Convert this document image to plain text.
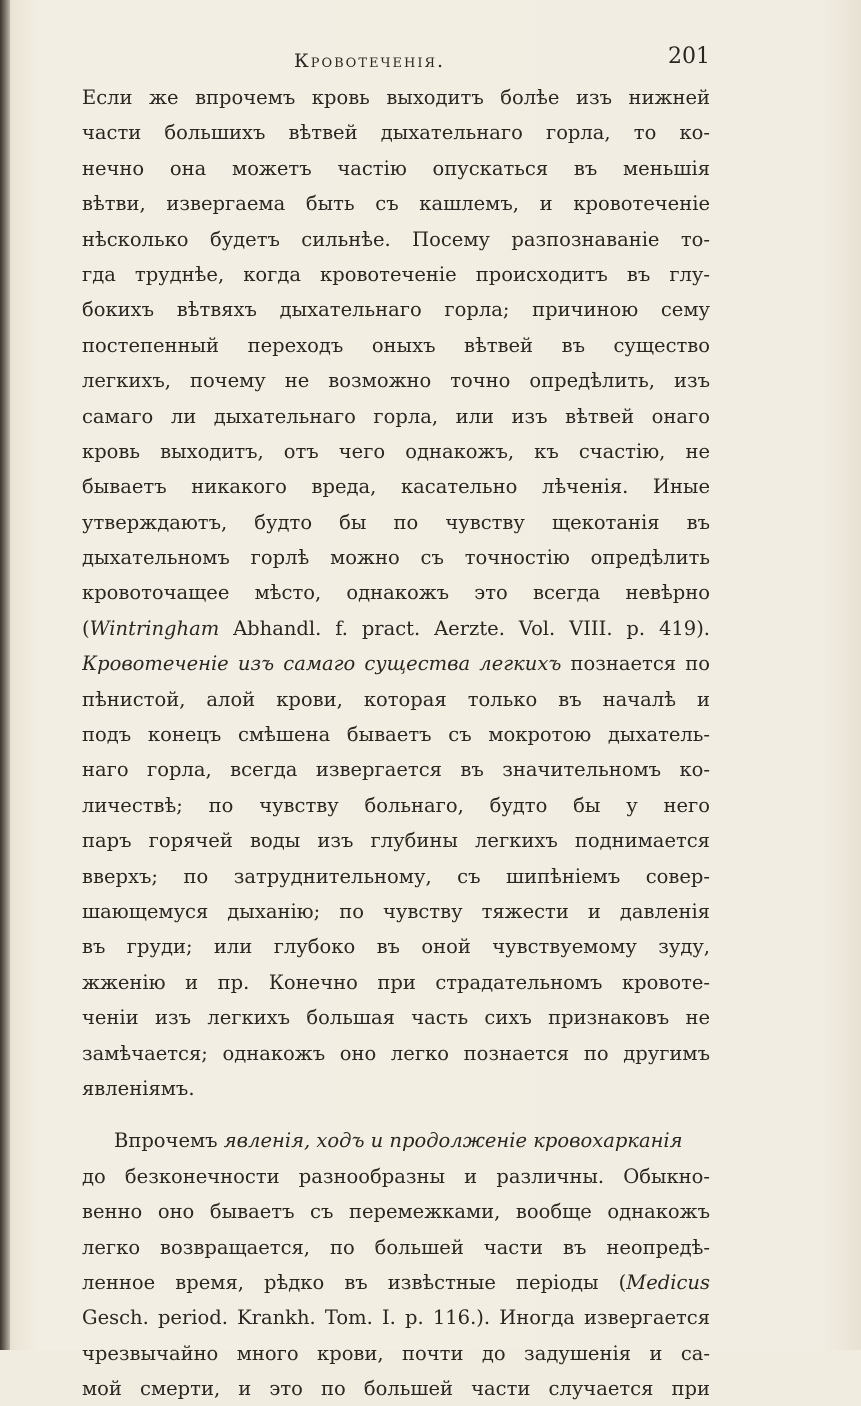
Кровотеченія.	201
Если же впрочемъ кровь выходитъ болѣе изъ нижней
части большихъ вѣтвей дыхательнаго горла, то ко-
нечно она можетъ частію опускаться въ меньшія
вѣтви, извергаема быть съ кашлемъ, и кровотеченіе
нѣсколько будетъ сильнѣе. Посему разпознаваніе то-
гда труднѣе, когда кровотеченіе происходитъ въ глу-
бокихъ вѣтвяхъ дыхательнаго горла; причиною сему
постепенный переходъ оныхъ вѣтвей въ существо
легкихъ, почему не возможно точно опредѣлить, изъ
самаго ли дыхательнаго горла, или изъ вѣтвей онаго
кровь выходитъ, отъ чего однакожъ, къ счастію, не
бываетъ никакого вреда, касательно лѣченія. Иные
утверждаютъ, будто бы по чувству щекотанія въ
дыхательномъ горлѣ можно съ точностію опредѣлить
кровоточащее мѣсто, однакожъ это всегда невѣрно
(Wintringham Abhandl. f. pract. Aerzte. Vol. VIII. p. 419).
Кровотеченіе изъ самаго существа легкихъ познается по
пѣнистой, алой крови, которая только въ началѣ и
подъ конецъ смѣшена бываетъ съ мокротою дыхатель-
наго горла, всегда извергается въ значительномъ ко-
личествѣ; по чувству больнаго, будто бы у него
паръ горячей воды изъ глубины легкихъ поднимается
вверхъ; по затруднительному, съ шипѣніемъ совер-
шающемуся дыханію; по чувству тяжести и давленія
въ груди; или глубоко въ оной чувствуемому зуду,
жженію и пр. Конечно при страдательномъ кровоте-
ченіи изъ легкихъ большая часть сихъ признаковъ не
замѣчается; однакожъ оно легко познается по другимъ
явленіямъ.
Впрочемъ явленія, ходъ и продолженіе кровохарканія
до безконечности разнообразны и различны. Обыкно-
венно оно бываетъ съ перемежками, вообще однакожъ
легко возвращается, по большей части въ неопредѣ-
ленное время, рѣдко въ извѣстные періоды (Medicus
Gesch. period. Krankh. Tom. I. p. 116.). Иногда извергается
чрезвычайно много крови, почти до задушенія и са-
мой смерти, и это по большей части случается при
